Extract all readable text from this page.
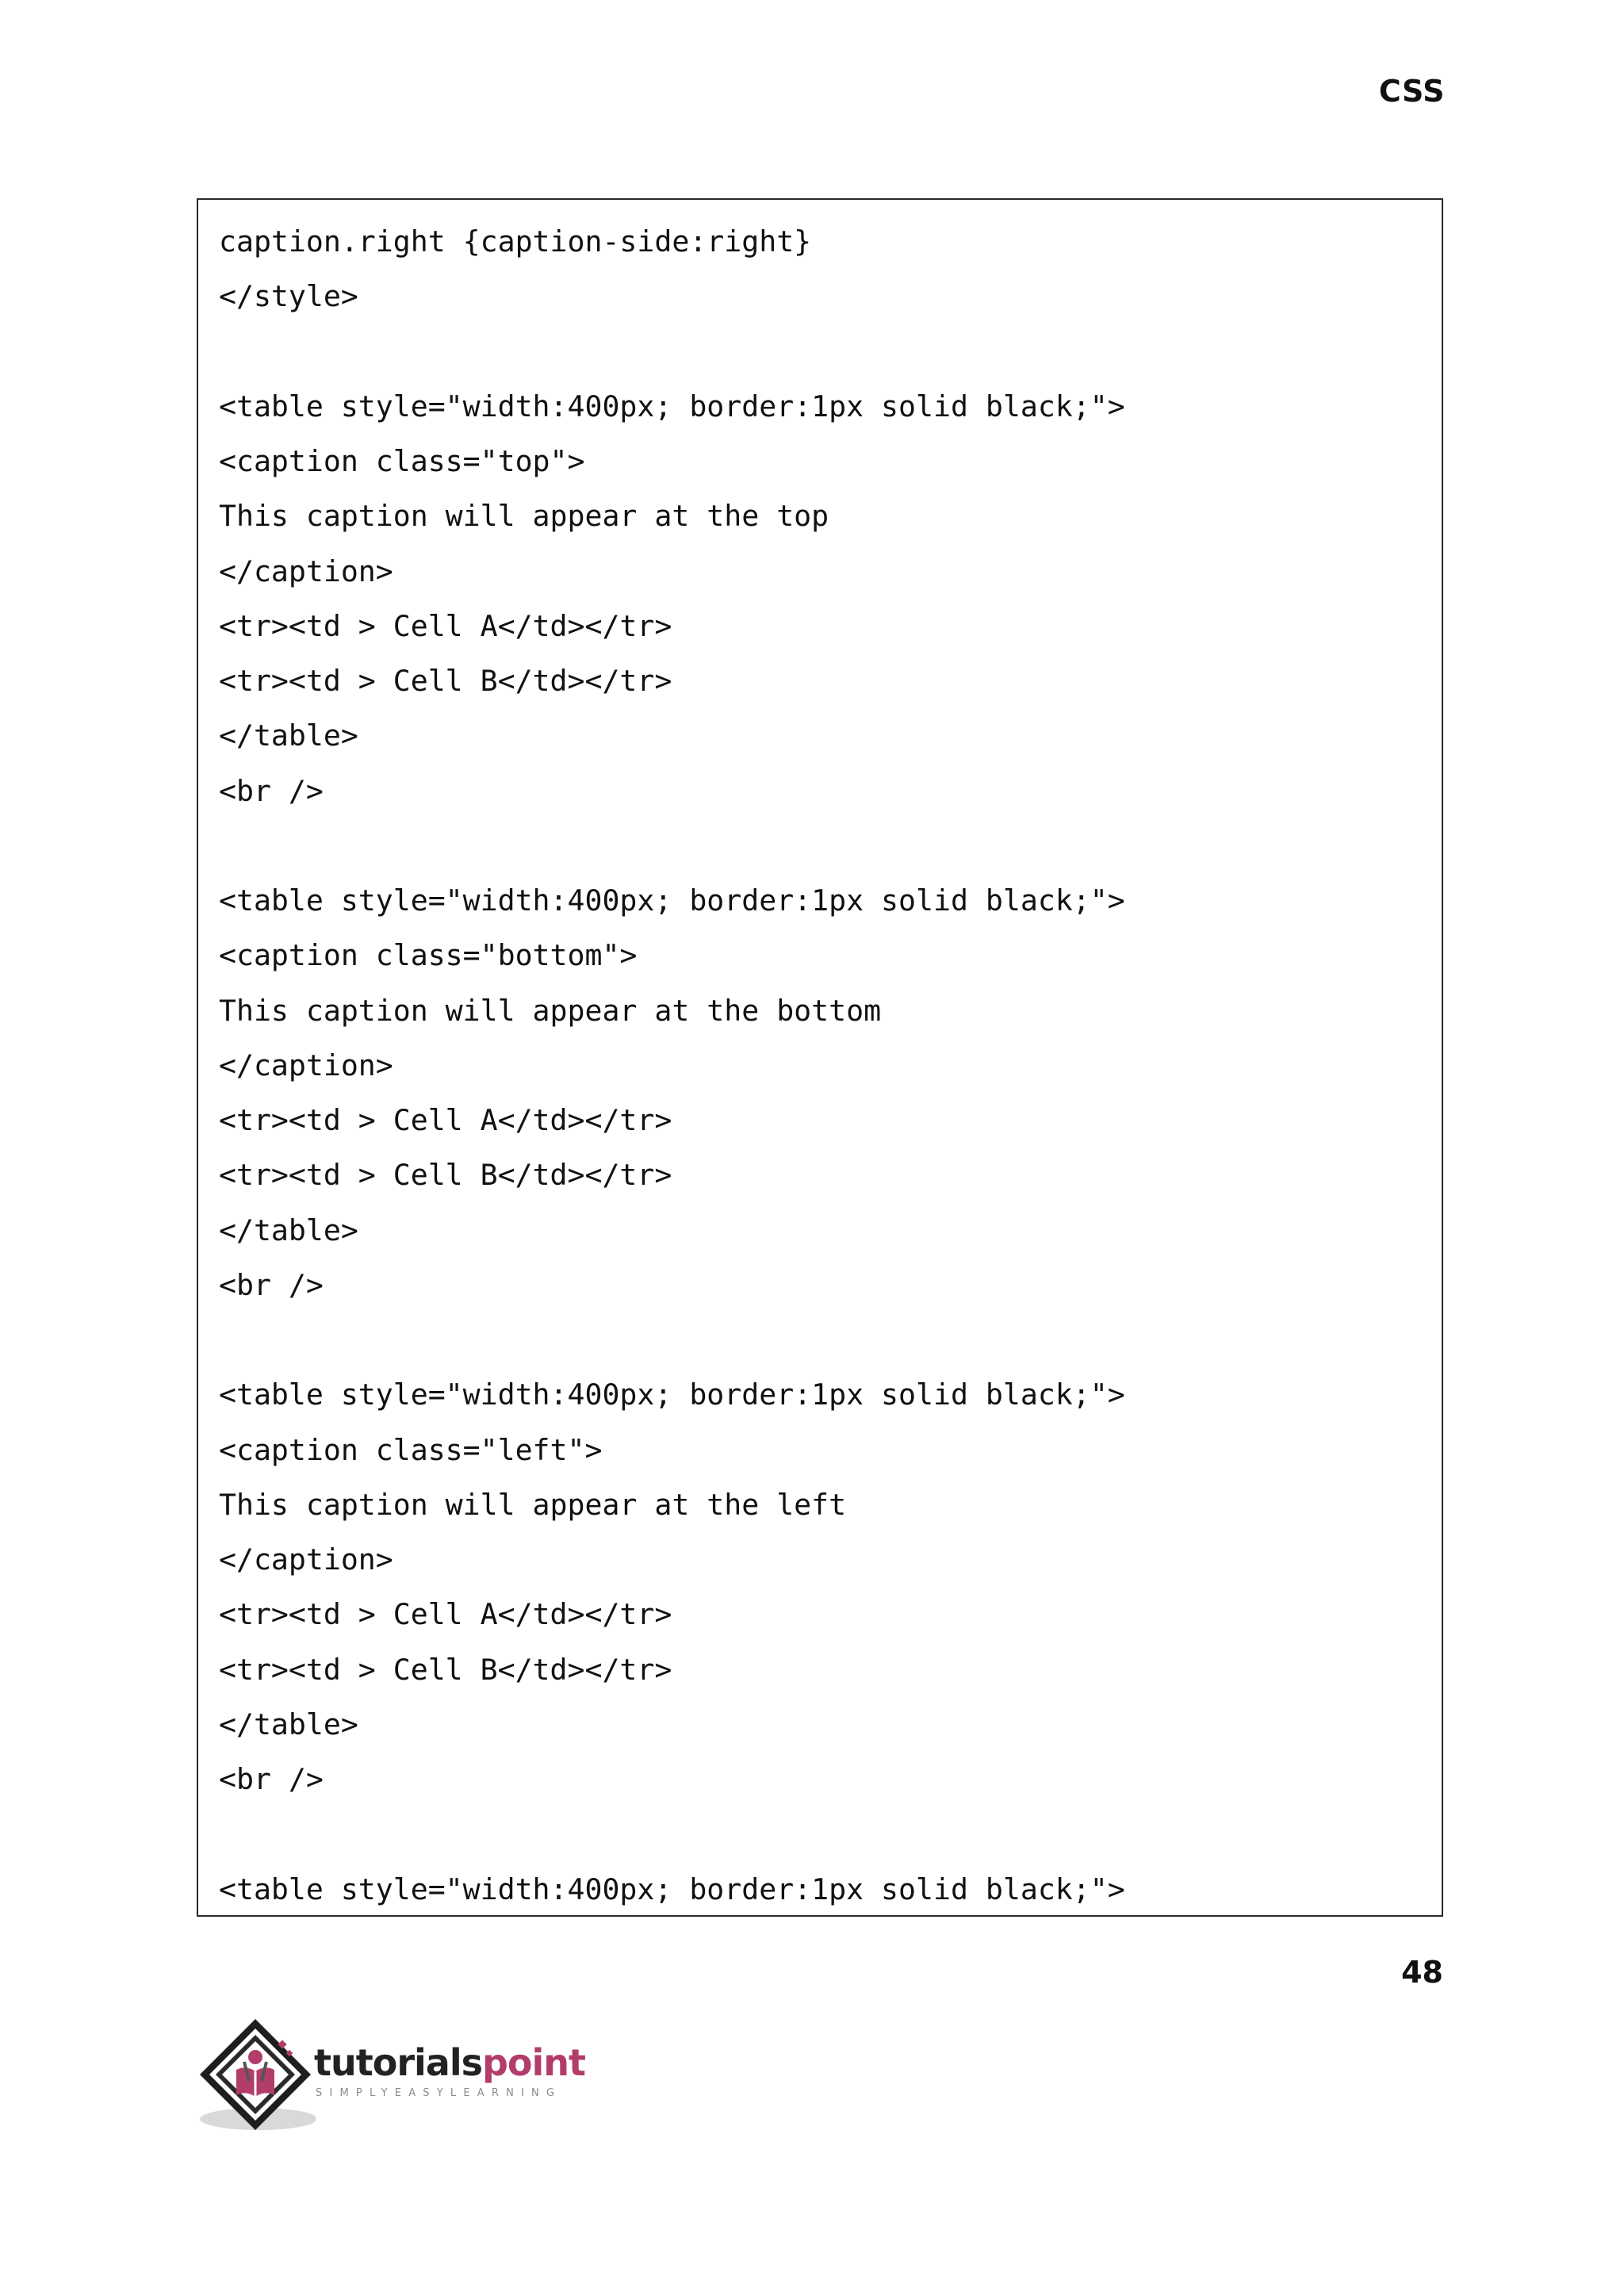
CSS
caption.right {caption-side:right}
</style>
<table style="width:400px; border:1px solid black;">
<caption class="top">
This caption will appear at the top
</caption>
<tr><td > Cell A</td></tr>
<tr><td > Cell B</td></tr>
</table>
<br />
<table style="width:400px; border:1px solid black;">
<caption class="bottom">
This caption will appear at the bottom
</caption>
<tr><td > Cell A</td></tr>
<tr><td > Cell B</td></tr>
</table>
<br />
<table style="width:400px; border:1px solid black;">
<caption class="left">
This caption will appear at the left
</caption>
<tr><td > Cell A</td></tr>
<tr><td > Cell B</td></tr>
</table>
<br />
<table style="width:400px; border:1px solid black;">
48
tutorialspoint
SIMPLYEASYLEARNING
